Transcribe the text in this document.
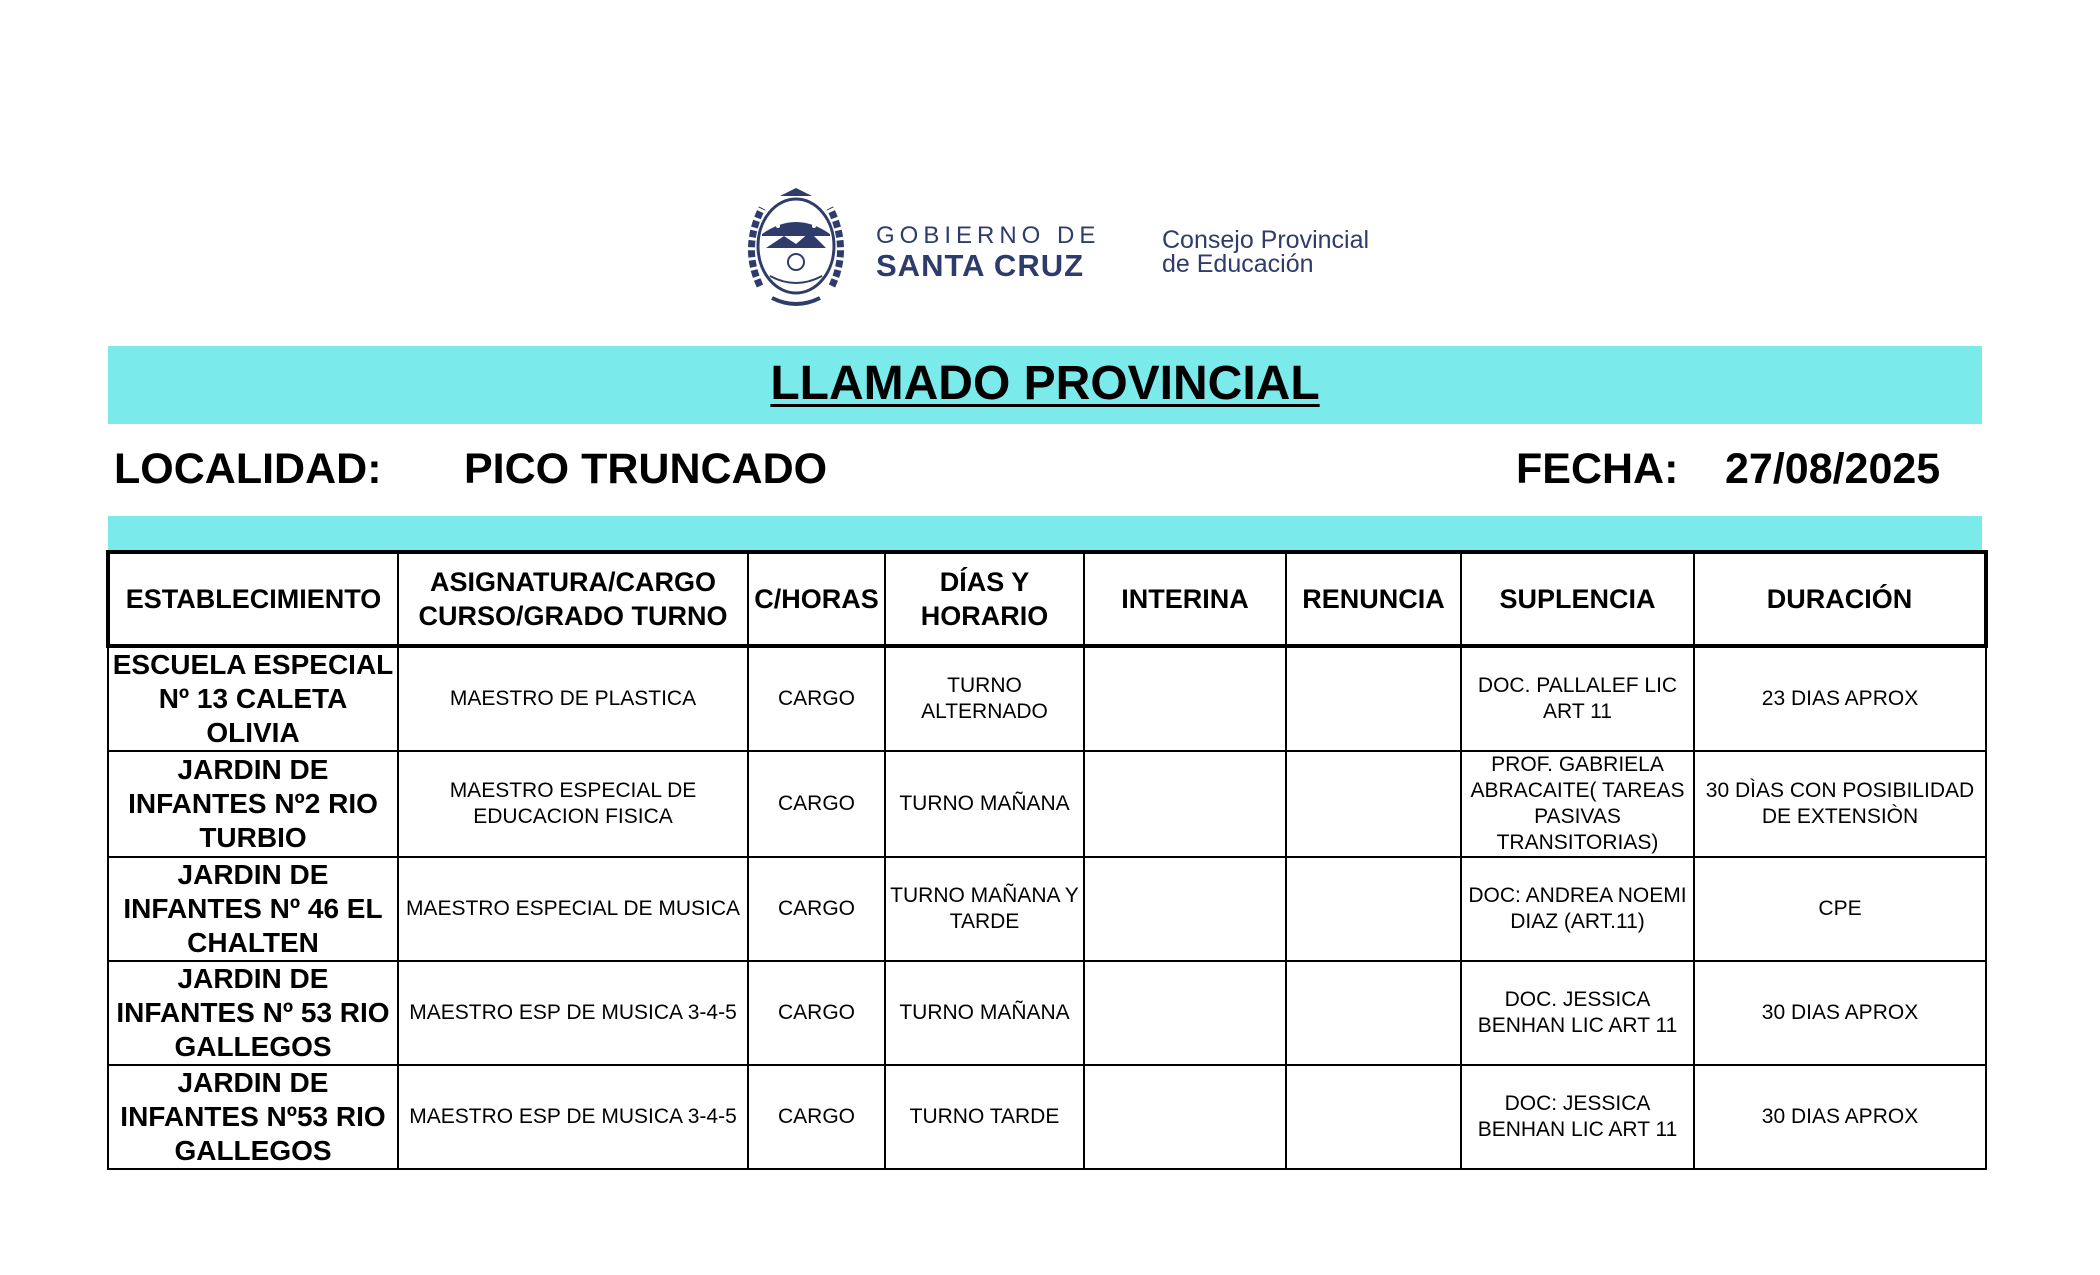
GOBIERNO DE
SANTA CRUZ
Consejo Provincial
de Educación
LLAMADO PROVINCIAL
LOCALIDAD: PICO TRUNCADO	FECHA: 27/08/2025
ESTABLECIMIENTO	ASIGNATURA/CARGO CURSO/GRADO TURNO	C/HORAS	DÍAS Y HORARIO	INTERINA	RENUNCIA	SUPLENCIA	DURACIÓN
ESCUELA ESPECIAL Nº 13 CALETA OLIVIA	MAESTRO DE PLASTICA	CARGO	TURNO ALTERNADO			DOC. PALLALEF LIC ART 11	23 DIAS APROX
JARDIN DE INFANTES Nº2 RIO TURBIO	MAESTRO ESPECIAL DE EDUCACION FISICA	CARGO	TURNO MAÑANA			PROF. GABRIELA ABRACAITE( TAREAS PASIVAS TRANSITORIAS)	30 DÌAS CON POSIBILIDAD DE EXTENSIÒN
JARDIN DE INFANTES Nº 46 EL CHALTEN	MAESTRO ESPECIAL DE MUSICA	CARGO	TURNO MAÑANA Y TARDE			DOC: ANDREA NOEMI DIAZ (ART.11)	CPE
JARDIN DE INFANTES Nº 53 RIO GALLEGOS	MAESTRO ESP DE MUSICA 3-4-5	CARGO	TURNO MAÑANA			DOC. JESSICA BENHAN LIC ART 11	30 DIAS APROX
JARDIN DE INFANTES Nº53 RIO GALLEGOS	MAESTRO ESP DE MUSICA 3-4-5	CARGO	TURNO TARDE			DOC: JESSICA BENHAN LIC ART 11	30 DIAS APROX
